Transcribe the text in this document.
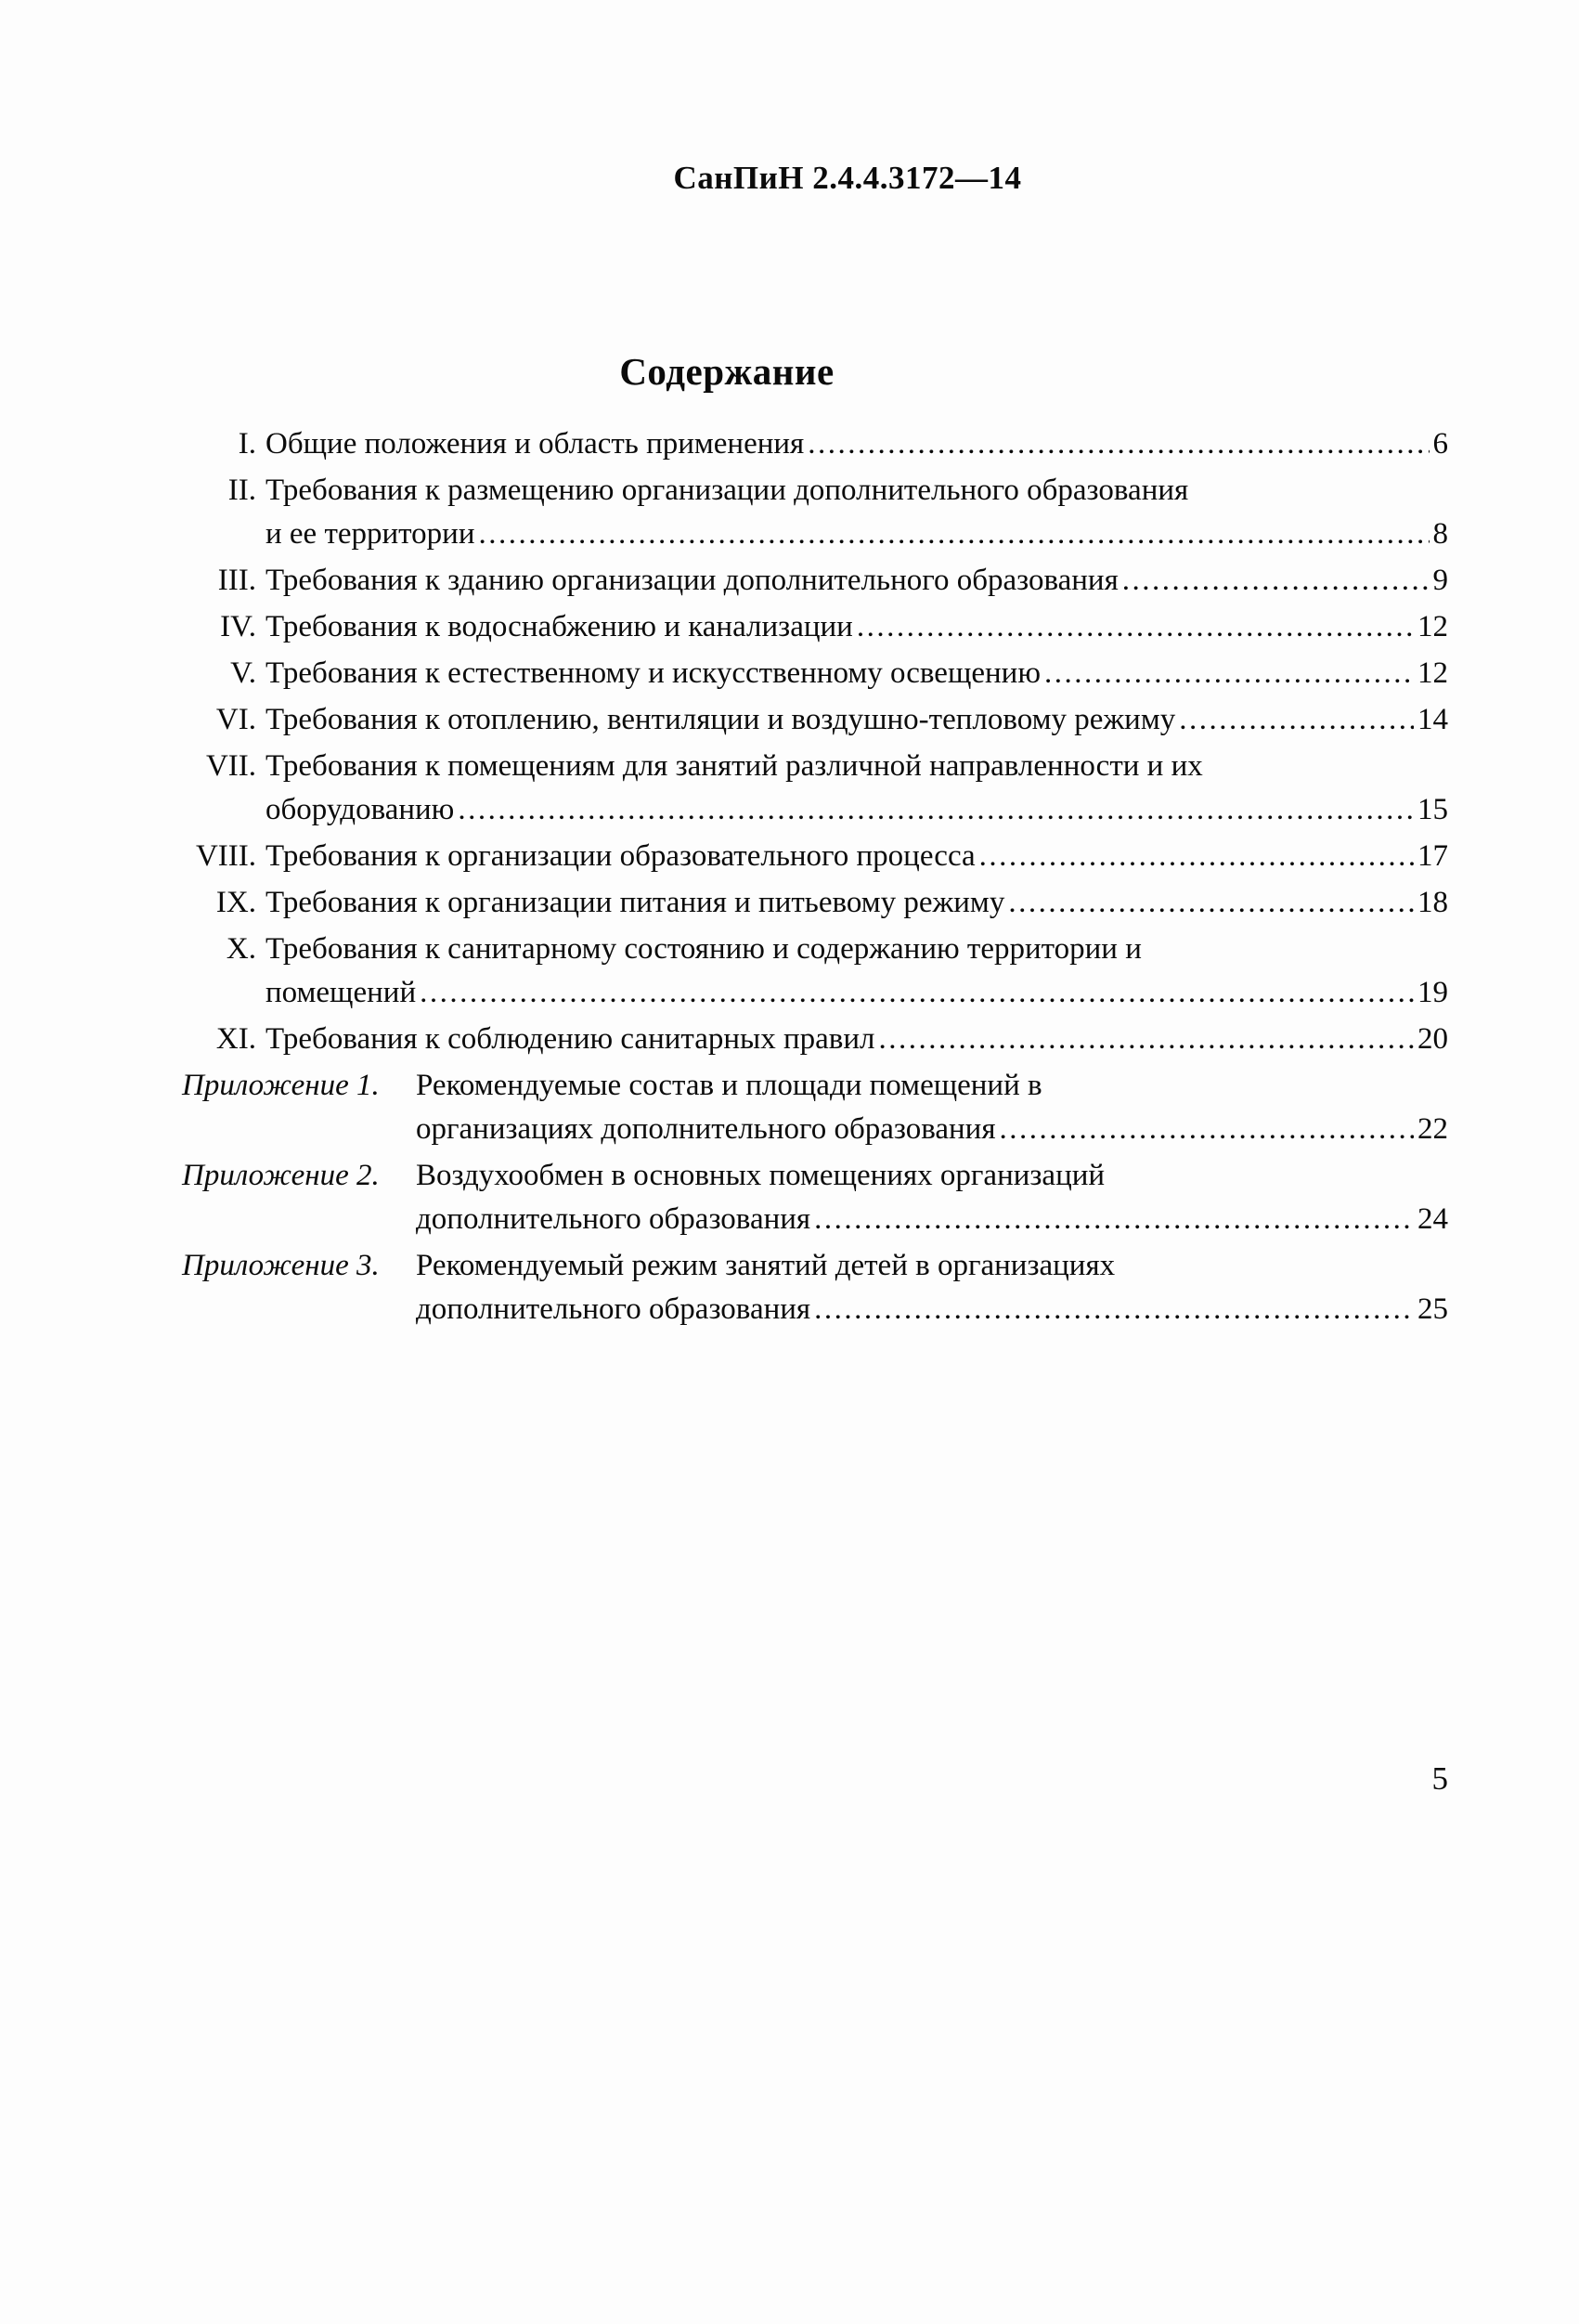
СанПиН 2.4.4.3172—14
Содержание
I. Общие положения и область применения .....	6
II. Требования к размещению организации дополнительного образования
и ее территории .....	8
III. Требования к зданию организации дополнительного образования .....	9
IV. Требования к водоснабжению и канализации .....	12
V. Требования к естественному и искусственному освещению .....	12
VI. Требования к отоплению, вентиляции и воздушно-тепловому режиму .....	14
VII. Требования к помещениям для занятий различной направленности и их
оборудованию .....	15
VIII. Требования к организации образовательного процесса .....	17
IX. Требования к организации питания и питьевому режиму .....	18
X. Требования к санитарному состоянию и содержанию территории и
помещений .....	19
XI. Требования к соблюдению санитарных правил .....	20
Приложение 1.	Рекомендуемые состав и площади помещений в
организациях дополнительного образования .....	22
Приложение 2.	Воздухообмен в основных помещениях организаций
дополнительного образования .....	24
Приложение 3.	Рекомендуемый режим занятий детей в организациях
дополнительного образования .....	25
5
